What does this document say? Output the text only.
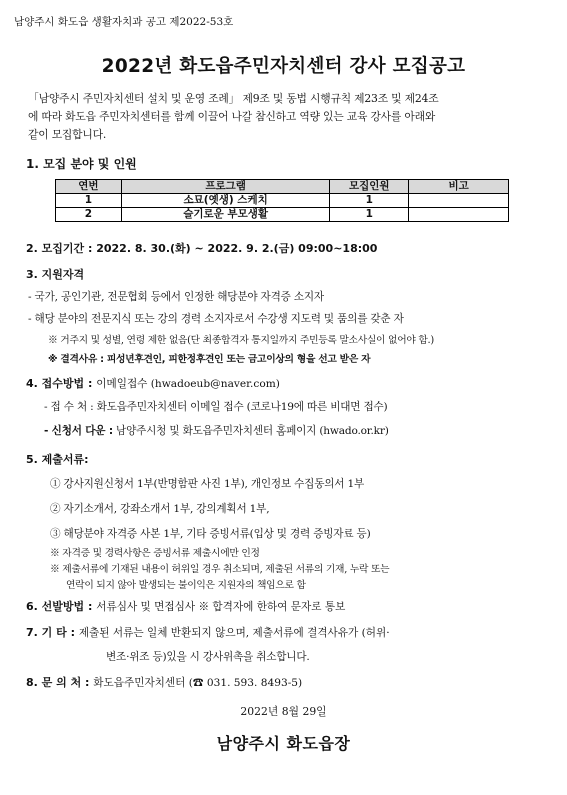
남양주시 화도읍 생활자치과 공고 제2022-53호
2022년 화도읍주민자치센터 강사 모집공고
「남양주시 주민자치센터 설치 및 운영 조례」 제9조 및 동법 시행규칙 제23조 및 제24조
에 따라 화도읍 주민자치센터를 함께 이끌어 나갈 참신하고 역량 있는 교육 강사를 아래와
같이 모집합니다.
1. 모집 분야 및 인원
연번	프로그램	모집인원	비고
1	소묘(옛생) 스케치	1	
2	슬기로운 부모생활	1	
2. 모집기간 : 2022. 8. 30.(화) ~ 2022. 9. 2.(금) 09:00~18:00
3. 지원자격
- 국가, 공인기관, 전문협회 등에서 인정한 해당분야 자격증 소지자
- 해당 분야의 전문지식 또는 강의 경력 소지자로서 수강생 지도력 및 품의를 갖춘 자
※ 거주지 및 성별, 연령 제한 없음(단 최종합격자 통지일까지 주민등록 말소사실이 없어야 함.)
※ 결격사유 : 피성년후견인, 피한정후견인 또는 금고이상의 형을 선고 받은 자
4. 접수방법 : 이메일접수 (hwadoeub@naver.com)
- 접 수 처 : 화도읍주민자치센터 이메일 접수 (코로나19에 따른 비대면 접수)
- 신청서 다운 : 남양주시청 및 화도읍주민자치센터 홈페이지 (hwado.or.kr)
5. 제출서류:
① 강사지원신청서 1부(반명함판 사진 1부), 개인정보 수집동의서 1부
② 자기소개서, 강좌소개서 1부, 강의계획서 1부,
③ 해당분야 자격증 사본 1부, 기타 증빙서류(입상 및 경력 증빙자료 등)
※ 자격증 및 경력사항은 증빙서류 제출시에만 인정
※ 제출서류에 기재된 내용이 허위일 경우 취소되며, 제출된 서류의 기재, 누락 또는
연락이 되지 않아 발생되는 불이익은 지원자의 책임으로 함
6. 선발방법 : 서류심사 및 면접심사 ※ 합격자에 한하여 문자로 통보
7. 기 타 : 제출된 서류는 일체 반환되지 않으며, 제출서류에 결격사유가 (허위·
변조·위조 등)있을 시 강사위촉을 취소합니다.
8. 문 의 처 : 화도읍주민자치센터 (☎ 031. 593. 8493-5)
2022년 8월 29일
남양주시 화도읍장
